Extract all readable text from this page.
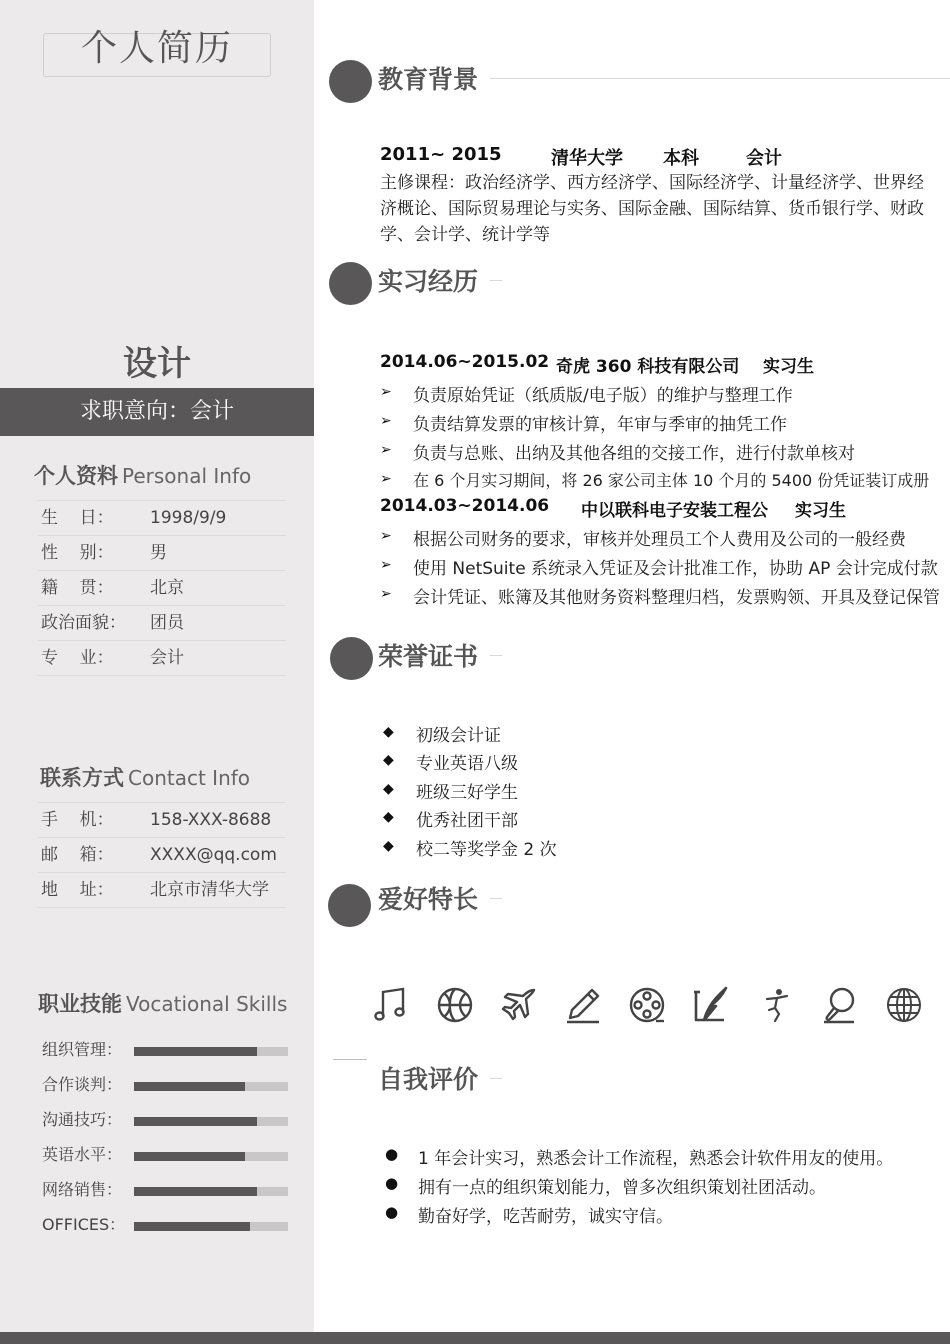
个人简历
设计
求职意向：会计
个人资料 Personal Info
生    日： 1998/9/9
性    别： 男
籍    贯： 北京
政治面貌： 团员
专    业： 会计
联系方式 Contact Info
手    机： 158-XXX-8688
邮    箱： XXXX@qq.com
地    址： 北京市清华大学
职业技能 Vocational Skills
组织管理：
合作谈判：
沟通技巧：
英语水平：
网络销售：
OFFICES：
教育背景
2011~ 2015	清华大学 本科	会计
主修课程：政治经济学、西方经济学、国际经济学、计量经济学、世界经济概论、国际贸易理论与实务、国际金融、国际结算、货币银行学、财政学、会计学、统计学等
实习经历
2014.06~2015.02 奇虎 360 科技有限公司 实习生
➢ 负责原始凭证（纸质版/电子版）的维护与整理工作
➢ 负责结算发票的审核计算，年审与季审的抽凭工作
➢ 负责与总账、出纳及其他各组的交接工作，进行付款单核对
➢ 在 6 个月实习期间，将 26 家公司主体 10 个月的 5400 份凭证装订成册
2014.03~2014.06 中以联科电子安装工程公 实习生
➢ 根据公司财务的要求，审核并处理员工个人费用及公司的一般经费
➢ 使用 NetSuite 系统录入凭证及会计批准工作，协助 AP 会计完成付款
➢ 会计凭证、账簿及其他财务资料整理归档，发票购领、开具及登记保管
荣誉证书
◆ 初级会计证
◆ 专业英语八级
◆ 班级三好学生
◆ 优秀社团干部
◆ 校二等奖学金 2 次
爱好特长
自我评价
● 1 年会计实习，熟悉会计工作流程，熟悉会计软件用友的使用。
● 拥有一点的组织策划能力，曾多次组织策划社团活动。
● 勤奋好学，吃苦耐劳，诚实守信。
